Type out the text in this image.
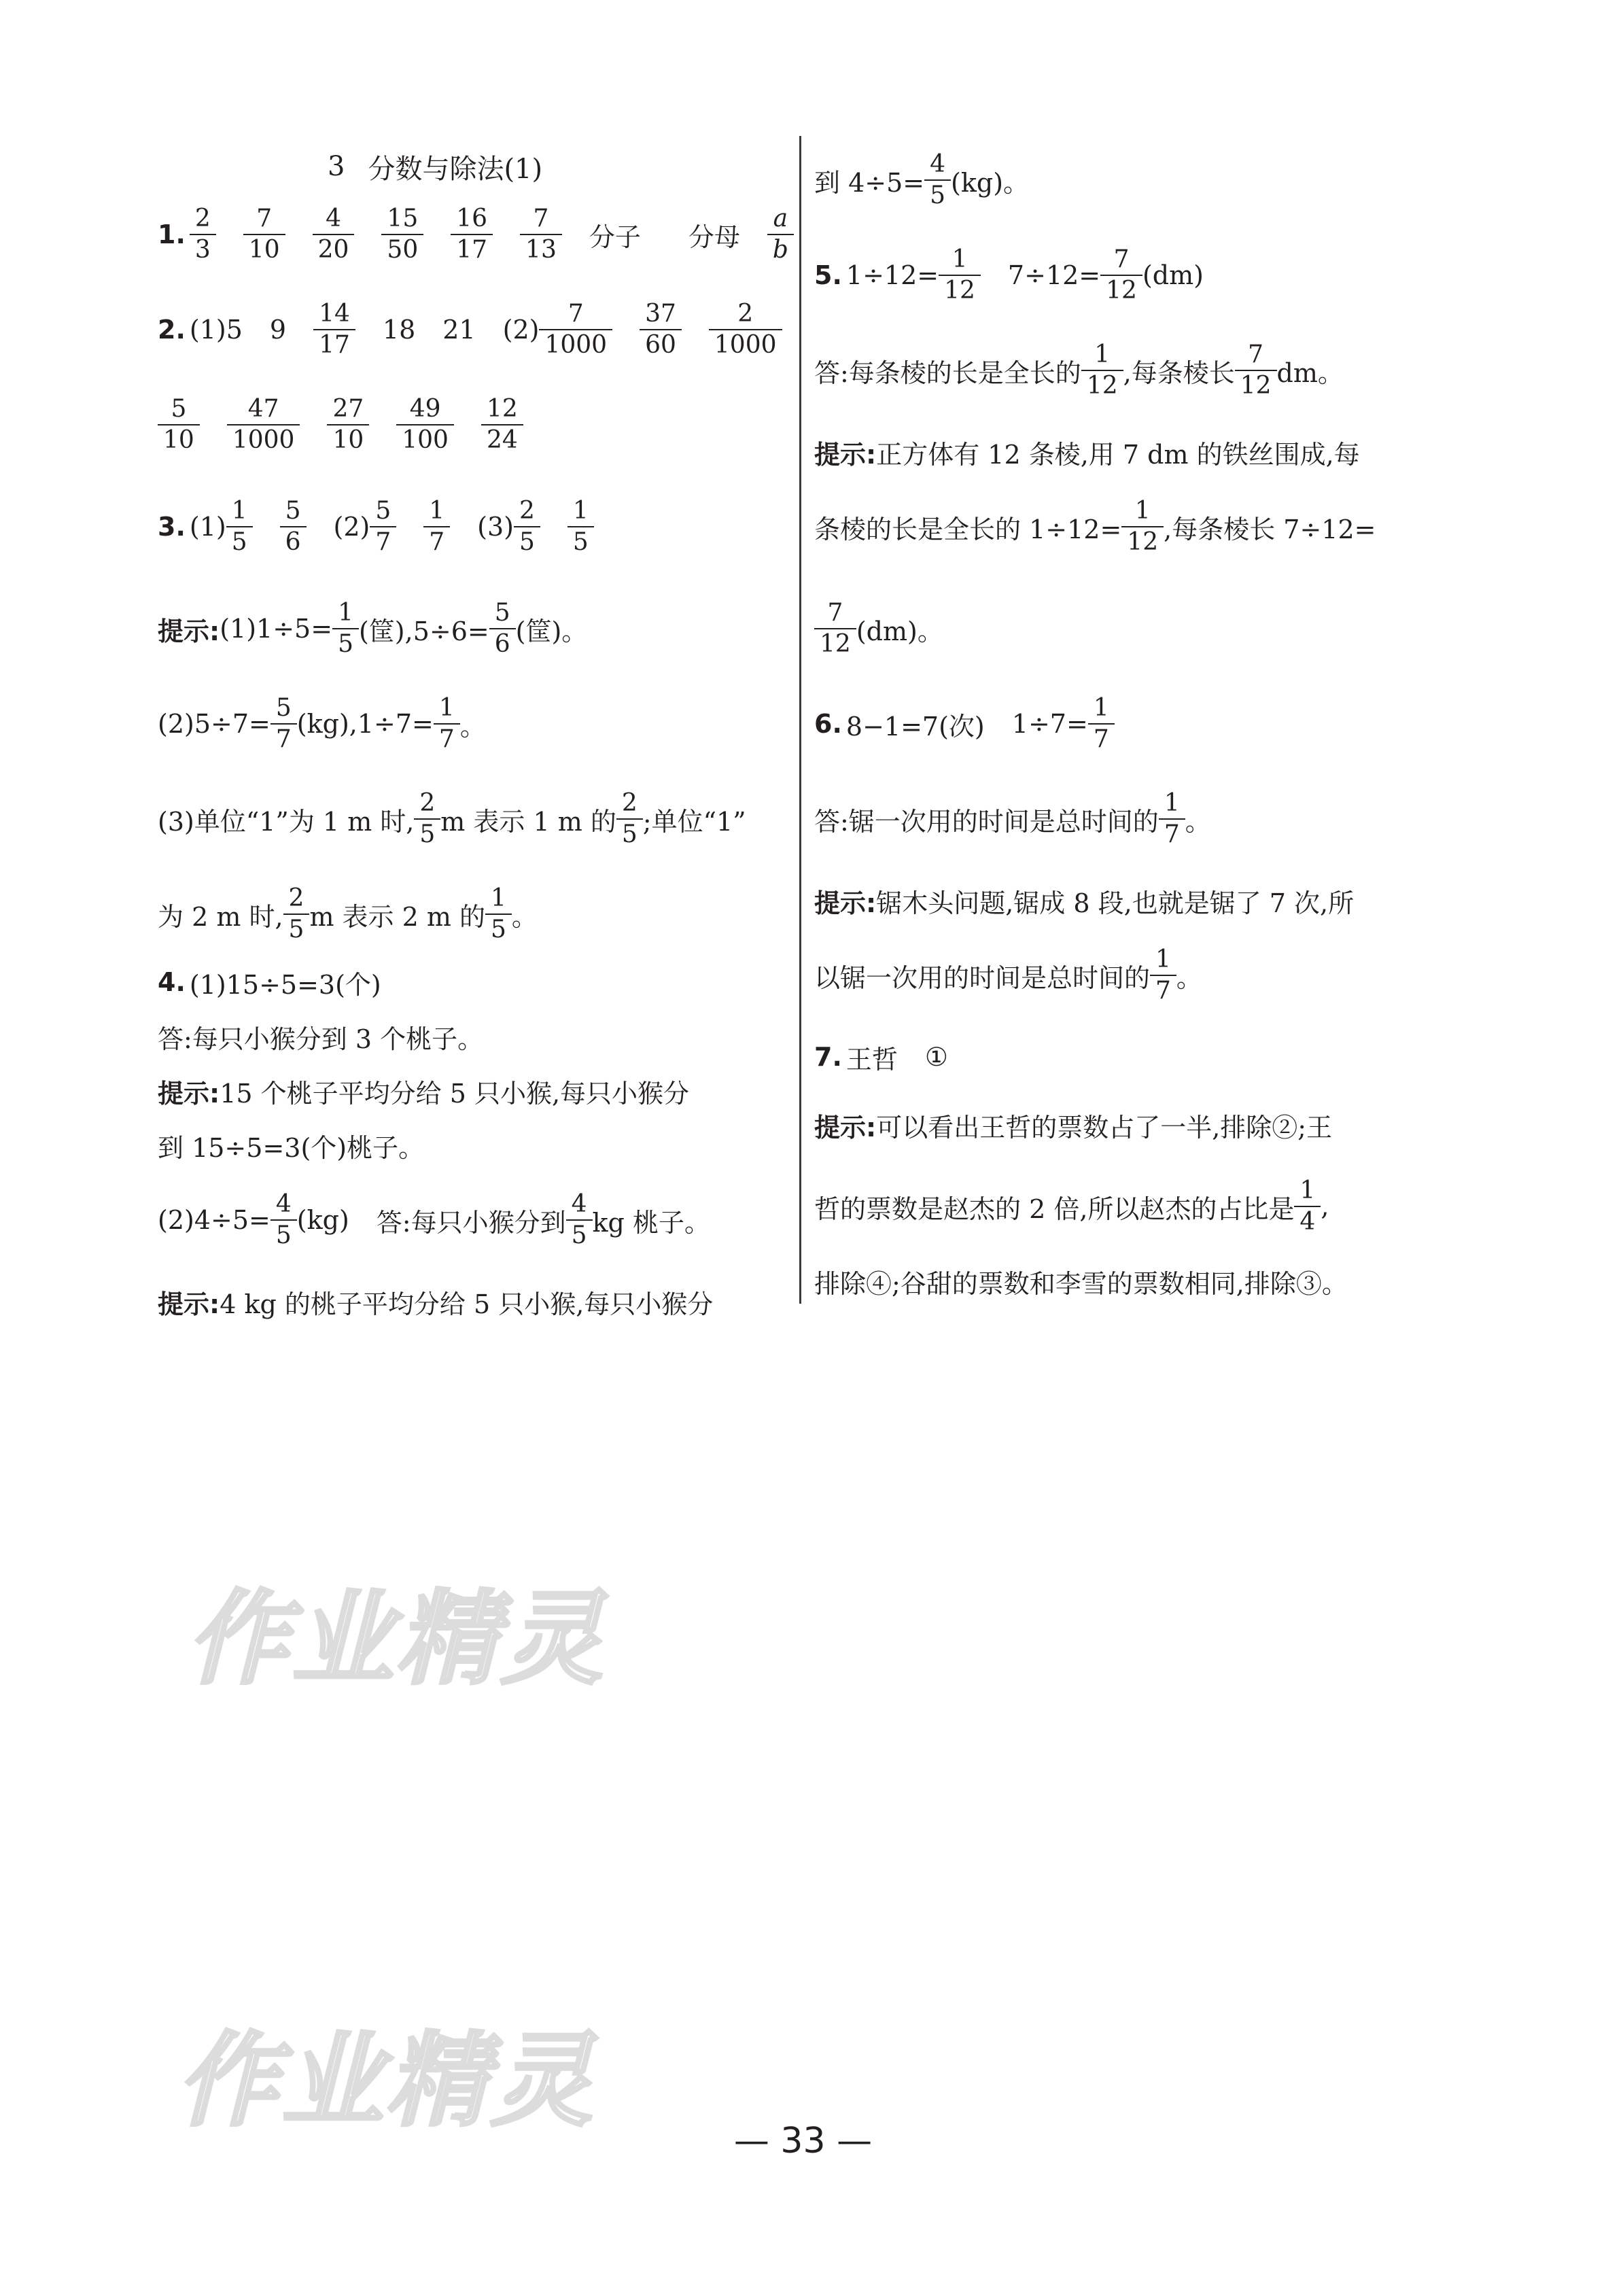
3 分数与除法(1)
1. $\frac{2}{3} \frac{7}{10} \frac{4}{20} \frac{15}{50} \frac{16}{17} \frac{7}{13}$ 分子 分母 $\frac{a}{b}$
2. (1)5 $9 \frac{14}{17} 18$ 21 $(2) \frac{7}{1000} \frac{37}{60} \frac{2}{1000}$
$\frac{5}{10} \frac{47}{1000} \frac{27}{10} \frac{49}{100} \frac{12}{24}$
3. $(1) \frac{1}{5} \frac{5}{6} (2) \frac{5}{7} \frac{1}{7} (3) \frac{2}{5} \frac{1}{5}$
提示: $(1)1\div 5= \frac{1}{5}$ (筐)$,5\div 6= \frac{5}{6}$ (筐)。
$(2)5\div 7= \frac{5}{7} (kg),1\div 7= \frac{1}{7}$ 。
(3)单位“1”为 1 m 时, $\frac{2}{5}$ m 表示 1 m 的 $\frac{2}{5}$ ;单位“1”
为 2 m 时, $\frac{2}{5}$ m 表示 2 m 的 $\frac{1}{5}$ 。
4. (1)15÷5=3(个)
答:每只小猴分到 3 个桃子。
提示: 15 个桃子平均分给 5 只小猴,每只小猴分
到 15÷5=3(个)桃子。
$(2)4\div 5= \frac{4}{5} (kg)$ 答:每只小猴分到 $\frac{4}{5}$ kg 桃子。
提示: 4 kg 的桃子平均分给 5 只小猴,每只小猴分
到 $4\div 5= \frac{4}{5} (kg)$。
5. $1\div 12= \frac{1}{12} 7\div 12= \frac{7}{12} (dm)$
答:每条棱的长是全长的 $\frac{1}{12}$ ,每条棱长 $\frac{7}{12}$ dm。
提示: 正方体有 12 条棱,用 7 dm 的铁丝围成,每
条棱的长是全长的 $1\div 12= \frac{1}{12}$ ,每条棱长 7÷12=
$\frac{7}{12} (dm)$。
6. 8−1=7(次) $1\div 7= \frac{1}{7}$
答:锯一次用的时间是总时间的 $\frac{1}{7}$ 。
提示: 锯木头问题,锯成 8 段,也就是锯了 7 次,所
以锯一次用的时间是总时间的 $\frac{1}{7}$ 。
7. 王哲 ①
提示: 可以看出王哲的票数占了一半,排除②;王
哲的票数是赵杰的 2 倍,所以赵杰的占比是 $\frac{1}{4}$ ,
排除④;谷甜的票数和李雪的票数相同,排除③。
作业精灵
作业精灵
— 33 —
